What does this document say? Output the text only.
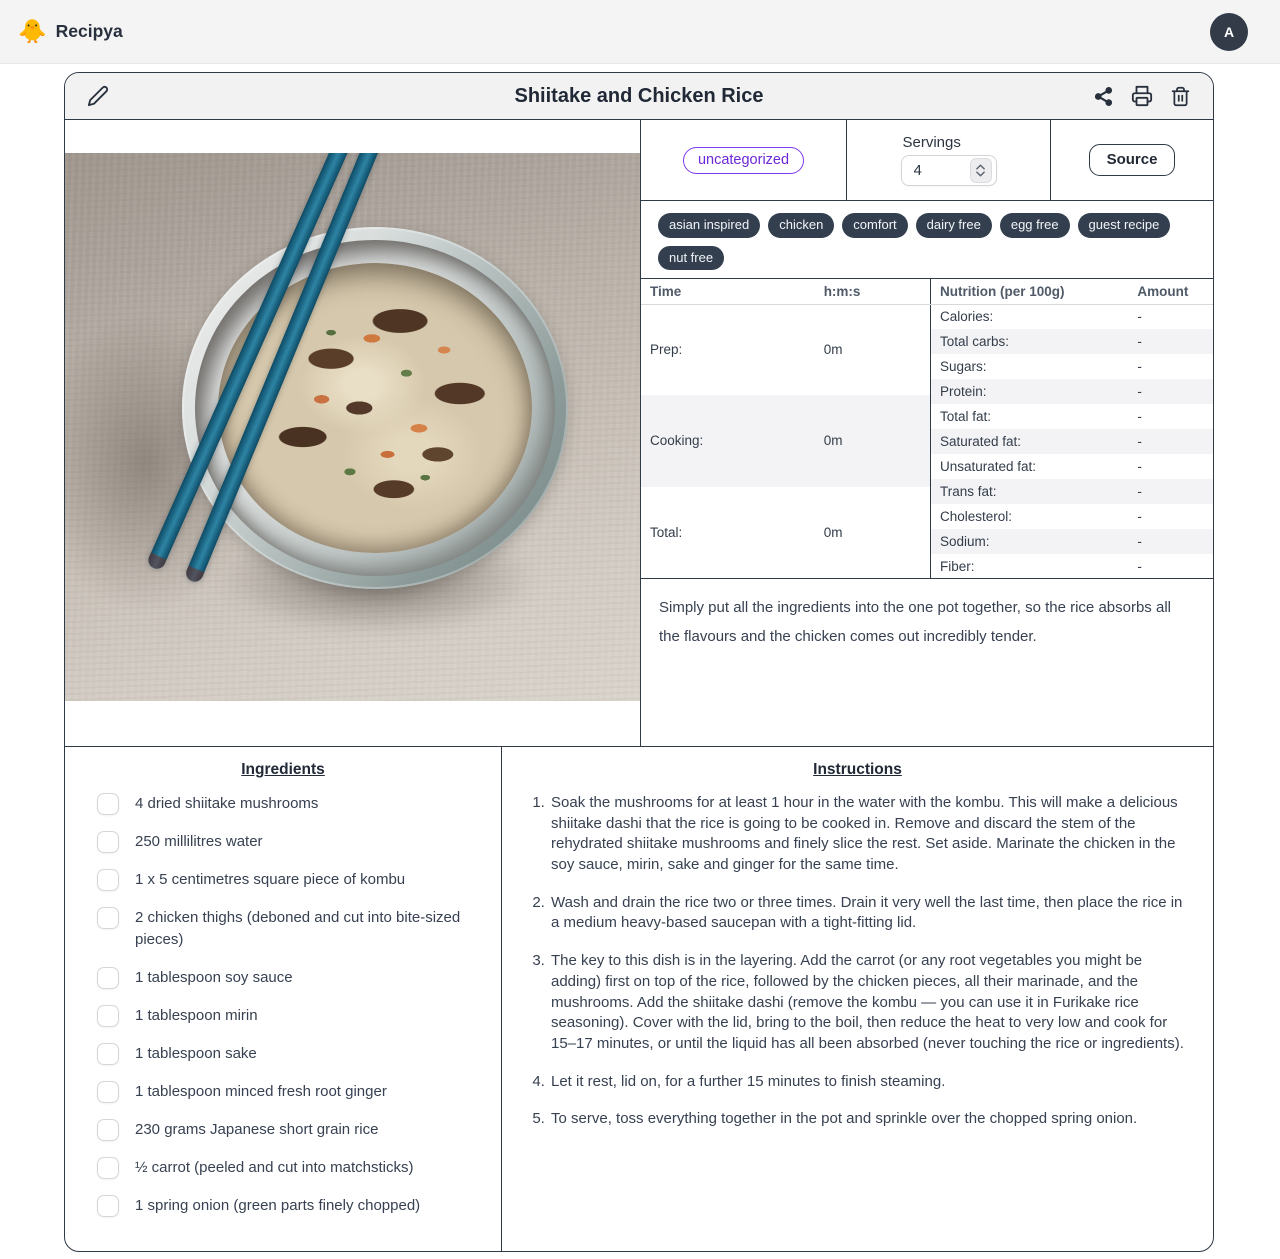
🐥 Recipya	A
Shiitake and Chicken Rice
uncategorized
Servings
4
Source
asian inspired	chicken	comfort	dairy free	egg free	guest recipe
nut free
Time	h:m:s
Prep:	0m
Cooking:	0m
Total:	0m
Nutrition (per 100g)	Amount
Calories:	-
Total carbs:	-
Sugars:	-
Protein:	-
Total fat:	-
Saturated fat:	-
Unsaturated fat:	-
Trans fat:	-
Cholesterol:	-
Sodium:	-
Fiber:	-
Simply put all the ingredients into the one pot together, so the rice absorbs all the flavours and the chicken comes out incredibly tender.
Ingredients
4 dried shiitake mushrooms
250 millilitres water
1 x 5 centimetres square piece of kombu
2 chicken thighs (deboned and cut into bite-sized pieces)
1 tablespoon soy sauce
1 tablespoon mirin
1 tablespoon sake
1 tablespoon minced fresh root ginger
230 grams Japanese short grain rice
½ carrot (peeled and cut into matchsticks)
1 spring onion (green parts finely chopped)
Instructions
1. Soak the mushrooms for at least 1 hour in the water with the kombu. This will make a delicious shiitake dashi that the rice is going to be cooked in. Remove and discard the stem of the rehydrated shiitake mushrooms and finely slice the rest. Set aside. Marinate the chicken in the soy sauce, mirin, sake and ginger for the same time.
2. Wash and drain the rice two or three times. Drain it very well the last time, then place the rice in a medium heavy-based saucepan with a tight-fitting lid.
3. The key to this dish is in the layering. Add the carrot (or any root vegetables you might be adding) first on top of the rice, followed by the chicken pieces, all their marinade, and the mushrooms. Add the shiitake dashi (remove the kombu — you can use it in Furikake rice seasoning). Cover with the lid, bring to the boil, then reduce the heat to very low and cook for 15–17 minutes, or until the liquid has all been absorbed (never touching the rice or ingredients).
4. Let it rest, lid on, for a further 15 minutes to finish steaming.
5. To serve, toss everything together in the pot and sprinkle over the chopped spring onion.
